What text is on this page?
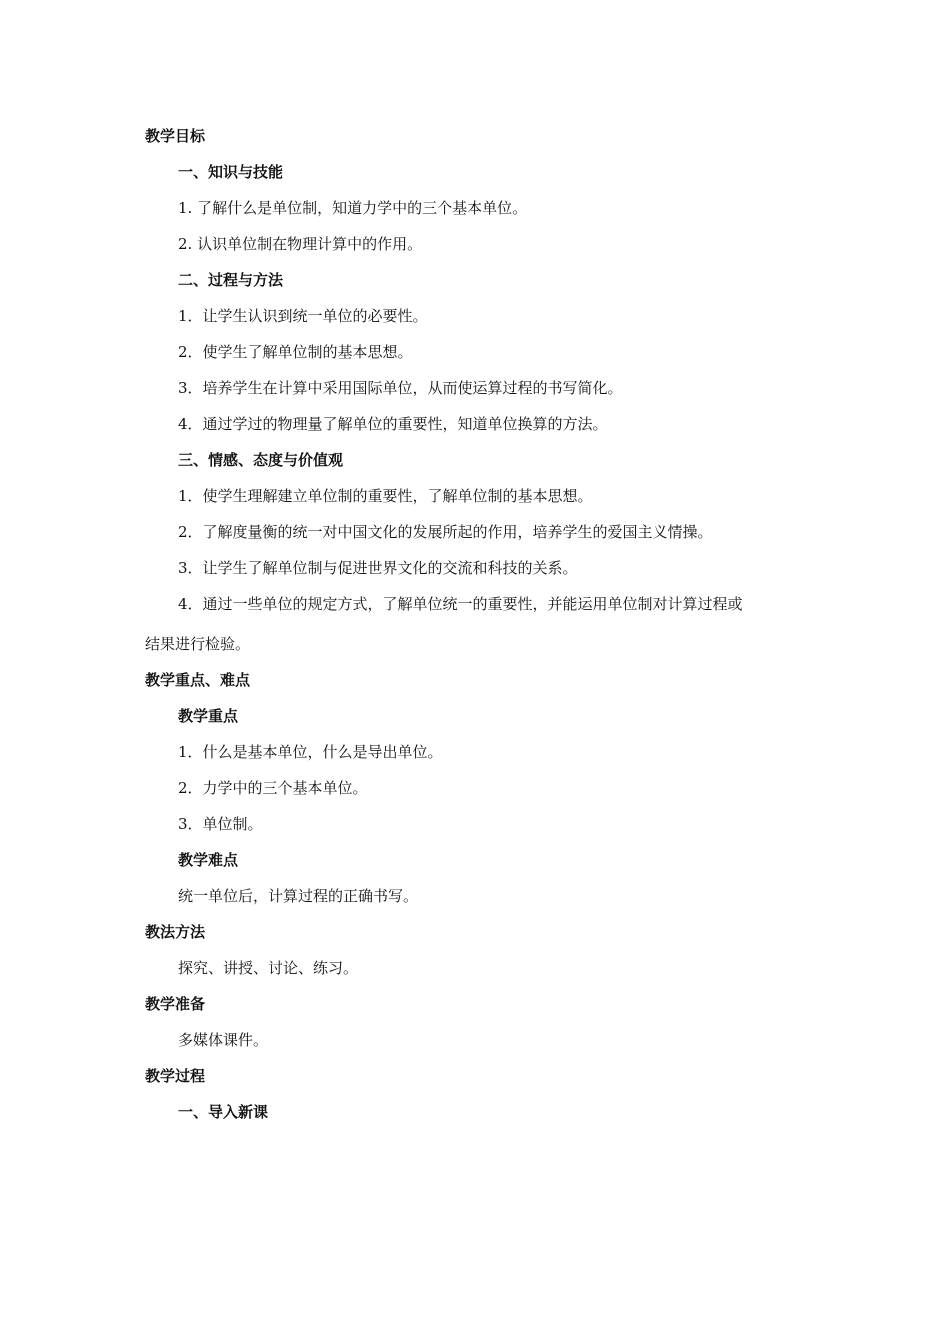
教学目标
一、知识与技能
1. 了解什么是单位制，知道力学中的三个基本单位。
2. 认识单位制在物理计算中的作用。
二、过程与方法
1．让学生认识到统一单位的必要性。
2．使学生了解单位制的基本思想。
3．培养学生在计算中采用国际单位，从而使运算过程的书写简化。
4．通过学过的物理量了解单位的重要性，知道单位换算的方法。
三、情感、态度与价值观
1．使学生理解建立单位制的重要性，了解单位制的基本思想。
2．了解度量衡的统一对中国文化的发展所起的作用，培养学生的爱国主义情操。
3．让学生了解单位制与促进世界文化的交流和科技的关系。
4．通过一些单位的规定方式，了解单位统一的重要性，并能运用单位制对计算过程或
结果进行检验。
教学重点、难点
教学重点
1．什么是基本单位，什么是导出单位。
2．力学中的三个基本单位。
3．单位制。
教学难点
统一单位后，计算过程的正确书写。
教法方法
探究、讲授、讨论、练习。
教学准备
多媒体课件。
教学过程
一、导入新课
